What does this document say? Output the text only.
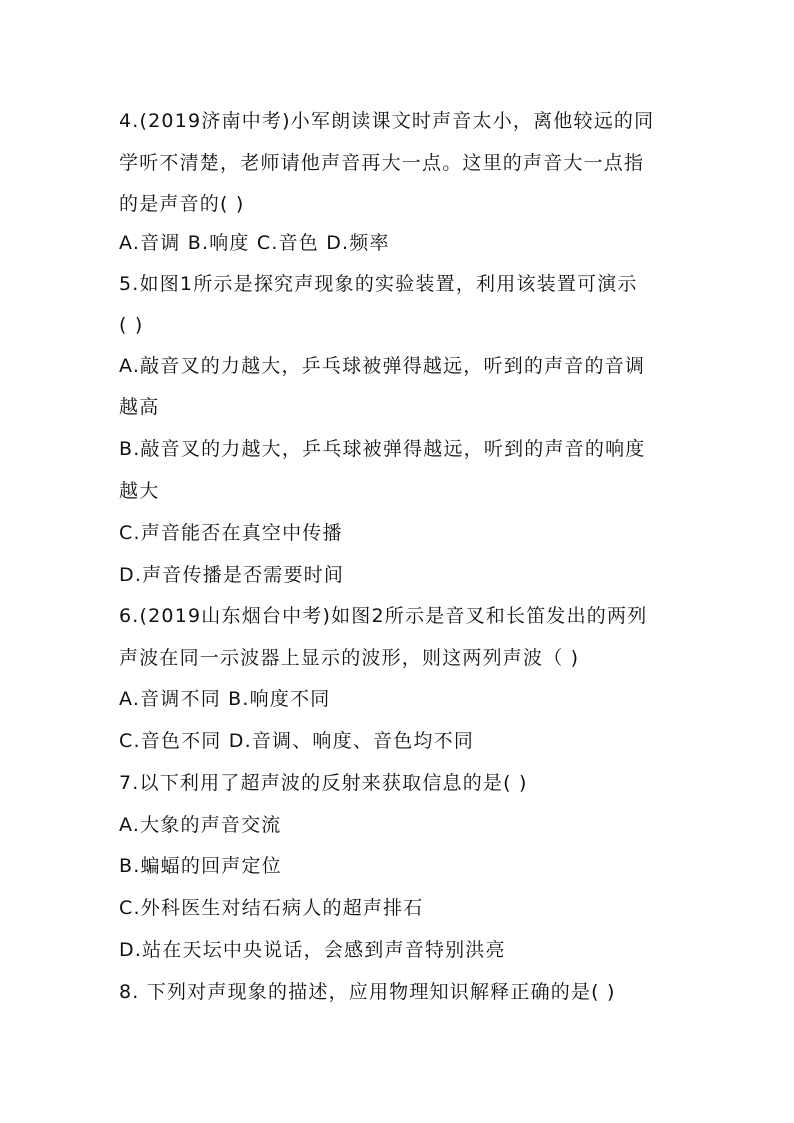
4.(2019济南中考)小军朗读课文时声音太小，离他较远的同
学听不清楚，老师请他声音再大一点。这里的声音大一点指
的是声音的( )
A.音调 B.响度 C.音色 D.频率
5.如图1所示是探究声现象的实验装置，利用该装置可演示
( )
A.敲音叉的力越大，乒乓球被弹得越远，听到的声音的音调
越高
B.敲音叉的力越大，乒乓球被弹得越远，听到的声音的响度
越大
C.声音能否在真空中传播
D.声音传播是否需要时间
6.(2019山东烟台中考)如图2所示是音叉和长笛发出的两列
声波在同一示波器上显示的波形，则这两列声波（ )
A.音调不同 B.响度不同
C.音色不同 D.音调、响度、音色均不同
7.以下利用了超声波的反射来获取信息的是( )
A.大象的声音交流
B.蝙蝠的回声定位
C.外科医生对结石病人的超声排石
D.站在天坛中央说话，会感到声音特别洪亮
8. 下列对声现象的描述，应用物理知识解释正确的是( )
